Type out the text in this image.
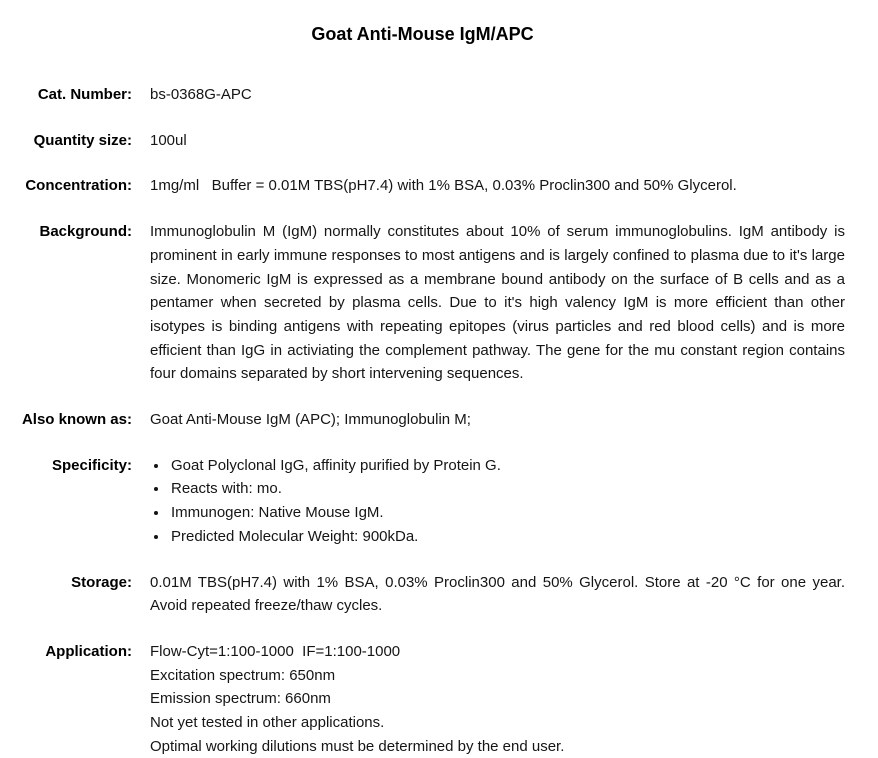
Goat Anti-Mouse IgM/APC
Cat. Number: bs-0368G-APC
Quantity size: 100ul
Concentration: 1mg/ml   Buffer = 0.01M TBS(pH7.4) with 1% BSA, 0.03% Proclin300 and 50% Glycerol.
Background: Immunoglobulin M (IgM) normally constitutes about 10% of serum immunoglobulins. IgM antibody is prominent in early immune responses to most antigens and is largely confined to plasma due to it's large size. Monomeric IgM is expressed as a membrane bound antibody on the surface of B cells and as a pentamer when secreted by plasma cells. Due to it's high valency IgM is more efficient than other isotypes is binding antigens with repeating epitopes (virus particles and red blood cells) and is more efficient than IgG in activiating the complement pathway. The gene for the mu constant region contains four domains separated by short intervening sequences.
Also known as: Goat Anti-Mouse IgM (APC); Immunoglobulin M;
Specificity:	• Goat Polyclonal IgG, affinity purified by Protein G.
• Reacts with: mo.
• Immunogen: Native Mouse IgM.
• Predicted Molecular Weight: 900kDa.
Storage: 0.01M TBS(pH7.4) with 1% BSA, 0.03% Proclin300 and 50% Glycerol. Store at -20 °C for one year. Avoid repeated freeze/thaw cycles.
Application: Flow-Cyt=1:100-1000  IF=1:100-1000
Excitation spectrum: 650nm
Emission spectrum: 660nm
Not yet tested in other applications.
Optimal working dilutions must be determined by the end user.
